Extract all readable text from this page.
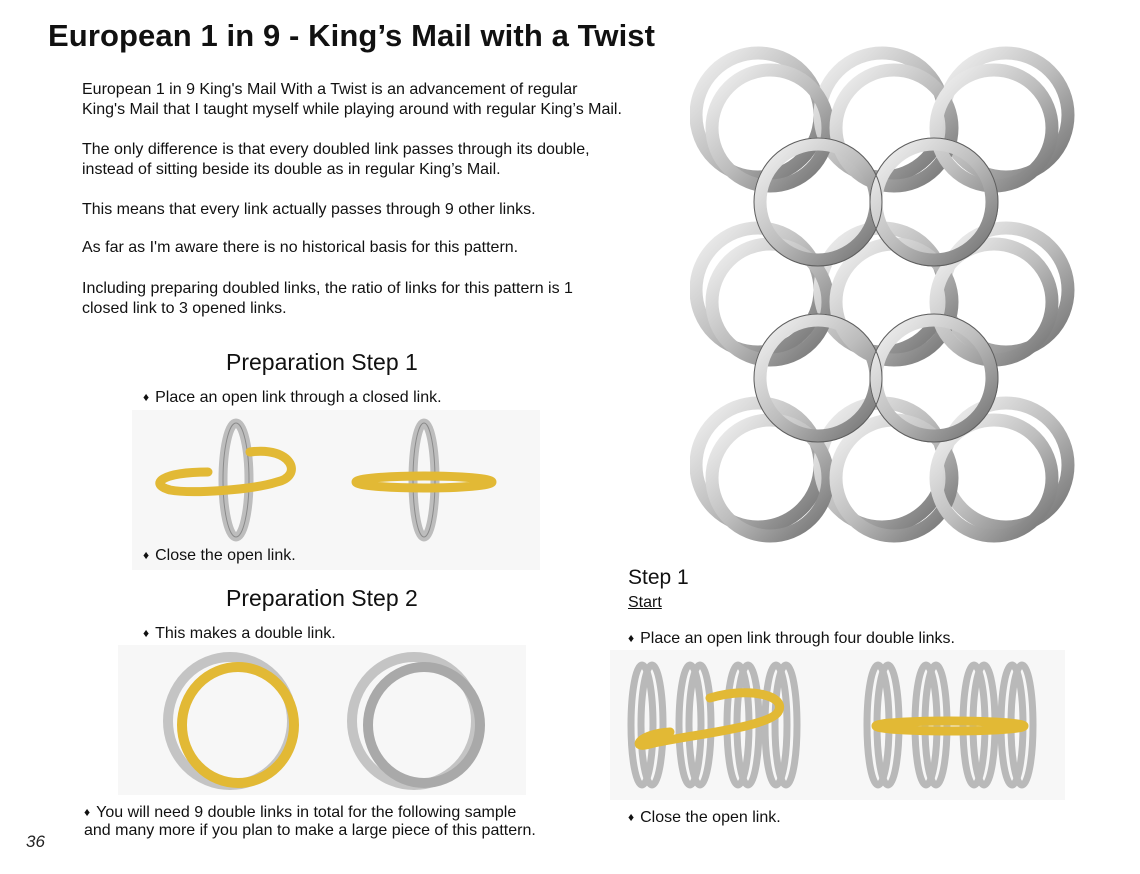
European 1 in 9 - King’s Mail with a Twist
European 1 in 9 King's Mail With a Twist is an advancement of regular
King's Mail that I taught myself while playing around with regular King’s Mail.
The only difference is that every doubled link passes through its double,
instead of sitting beside its double as in regular King’s Mail.
This means that every link actually passes through 9 other links.
As far as I'm aware there is no historical basis for this pattern.
Including preparing doubled links, the ratio of links for this pattern is 1
closed link to 3 opened links.
Preparation Step 1
♦ Place an open link through a closed link.
♦ Close the open link.
Preparation Step 2
♦ This makes a double link.
♦ You will need 9 double links in total for the following sample
and many more if you plan to make a large piece of this pattern.
Step 1
Start
♦ Place an open link through four double links.
♦ Close the open link.
36
